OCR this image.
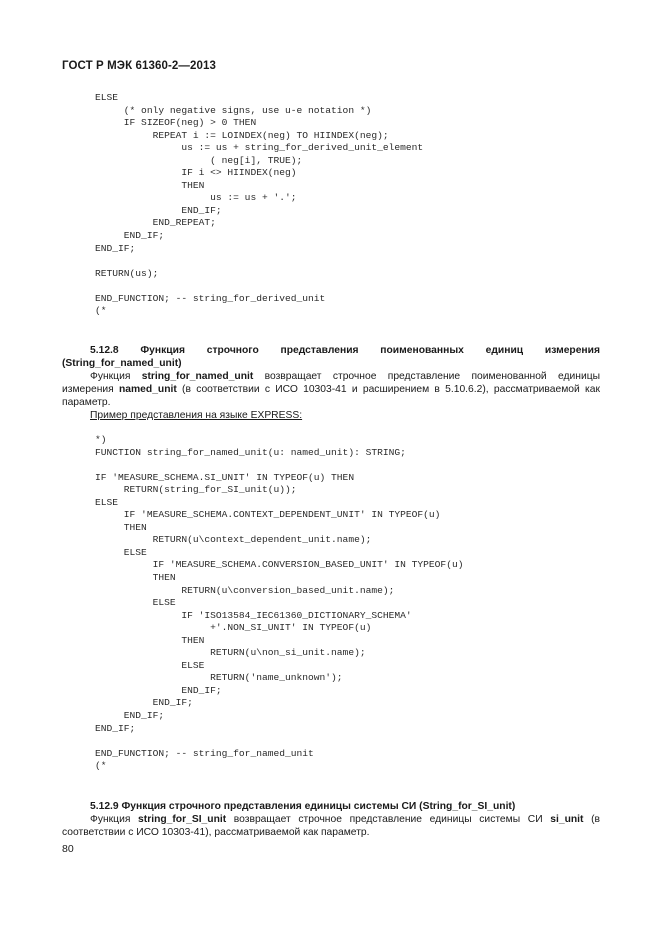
ГОСТ Р МЭК 61360-2—2013
ELSE
(* only negative signs, use u-e notation *)
IF SIZEOF(neg) > 0 THEN
REPEAT i := LOINDEX(neg) TO HIINDEX(neg);
us := us + string_for_derived_unit_element
( neg[i], TRUE);
IF i <> HIINDEX(neg)
THEN
us := us + '.';
END_IF;
END_REPEAT;
END_IF;
END_IF;

RETURN(us);

END_FUNCTION; -- string_for_derived_unit
(*

5.12.8 Функция строчного представления поименованных единиц измерения (String_for_named_unit)

Функция string_for_named_unit возвращает строчное представление поименованной единицы измерения named_unit (в соответствии с ИСО 10303-41 и расширением в 5.10.6.2), рассматриваемой как параметр.

Пример представления на языке EXPRESS:

*)
FUNCTION string_for_named_unit(u: named_unit): STRING;

IF 'MEASURE_SCHEMA.SI_UNIT' IN TYPEOF(u) THEN
RETURN(string_for_SI_unit(u));
ELSE
IF 'MEASURE_SCHEMA.CONTEXT_DEPENDENT_UNIT' IN TYPEOF(u)
THEN
RETURN(u\context_dependent_unit.name);
ELSE
IF 'MEASURE_SCHEMA.CONVERSION_BASED_UNIT' IN TYPEOF(u)
THEN
RETURN(u\conversion_based_unit.name);
ELSE
IF 'ISO13584_IEC61360_DICTIONARY_SCHEMA'
+'.NON_SI_UNIT' IN TYPEOF(u)
THEN
RETURN(u\non_si_unit.name);
ELSE
RETURN('name_unknown');
END_IF;
END_IF;
END_IF;
END_IF;

END_FUNCTION; -- string_for_named_unit
(*

5.12.9 Функция строчного представления единицы системы СИ (String_for_SI_unit)

Функция string_for_SI_unit возвращает строчное представление единицы системы СИ si_unit (в соответствии с ИСО 10303-41), рассматриваемой как параметр.

80
